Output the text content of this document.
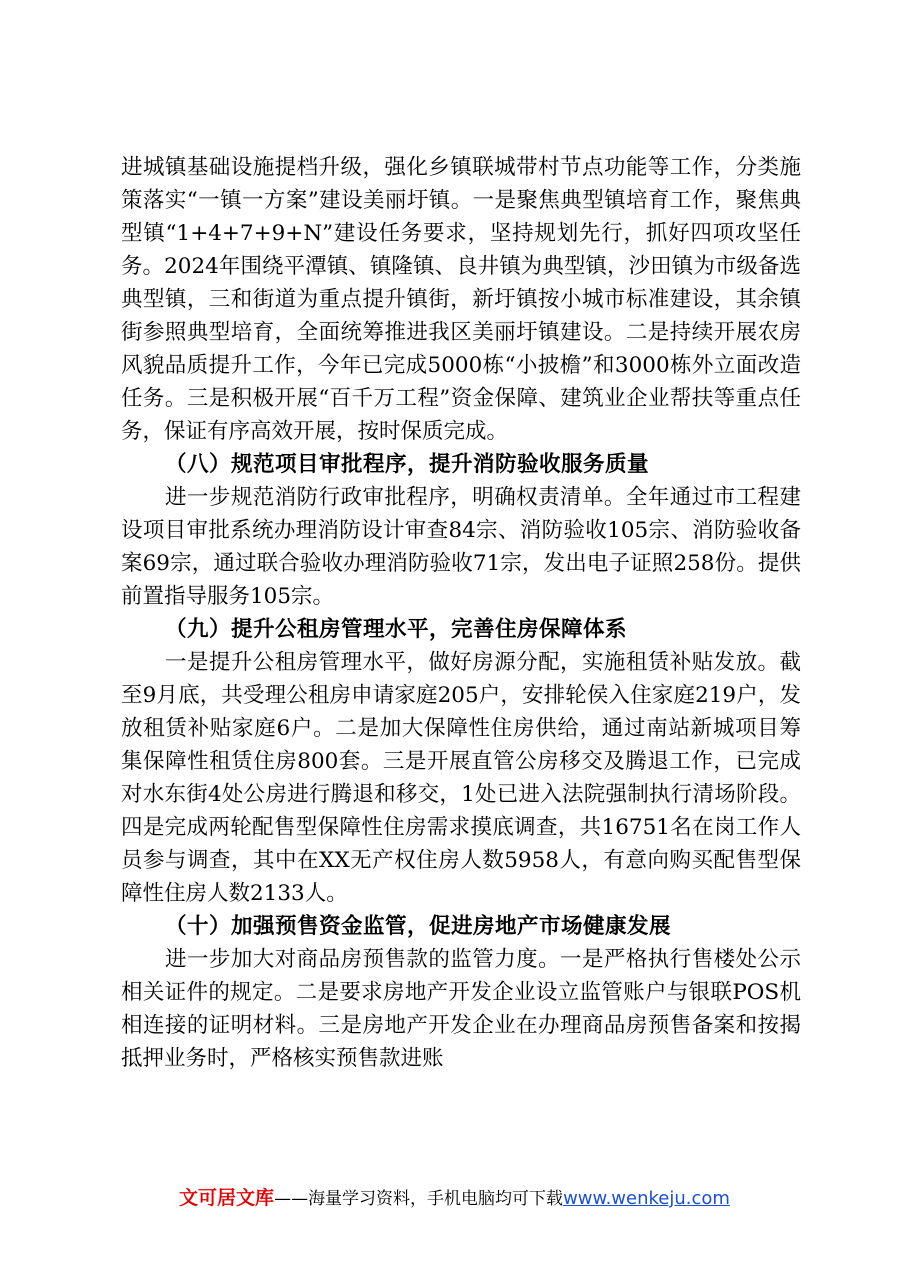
进城镇基础设施提档升级，强化乡镇联城带村节点功能等工作，分类施策落实“一镇一方案”建设美丽圩镇。一是聚焦典型镇培育工作，聚焦典型镇“1+4+7+9+N”建设任务要求，坚持规划先行，抓好四项攻坚任务。2024年围绕平潭镇、镇隆镇、良井镇为典型镇，沙田镇为市级备选典型镇，三和街道为重点提升镇街，新圩镇按小城市标准建设，其余镇街参照典型培育，全面统筹推进我区美丽圩镇建设。二是持续开展农房风貌品质提升工作，今年已完成5000栋“小披檐”和3000栋外立面改造任务。三是积极开展“百千万工程”资金保障、建筑业企业帮扶等重点任务，保证有序高效开展，按时保质完成。

（八）规范项目审批程序，提升消防验收服务质量

进一步规范消防行政审批程序，明确权责清单。全年通过市工程建设项目审批系统办理消防设计审查84宗、消防验收105宗、消防验收备案69宗，通过联合验收办理消防验收71宗，发出电子证照258份。提供前置指导服务105宗。

（九）提升公租房管理水平，完善住房保障体系

一是提升公租房管理水平，做好房源分配，实施租赁补贴发放。截至9月底，共受理公租房申请家庭205户，安排轮侯入住家庭219户，发放租赁补贴家庭6户。二是加大保障性住房供给，通过南站新城项目筹集保障性租赁住房800套。三是开展直管公房移交及腾退工作，已完成对水东街4处公房进行腾退和移交，1处已进入法院强制执行清场阶段。四是完成两轮配售型保障性住房需求摸底调查，共16751名在岗工作人员参与调查，其中在XX无产权住房人数5958人，有意向购买配售型保障性住房人数2133人。

（十）加强预售资金监管，促进房地产市场健康发展

进一步加大对商品房预售款的监管力度。一是严格执行售楼处公示相关证件的规定。二是要求房地产开发企业设立监管账户与银联POS机相连接的证明材料。三是房地产开发企业在办理商品房预售备案和按揭抵押业务时，严格核实预售款进账

文可居文库——海量学习资料，手机电脑均可下载www.wenkeju.com
